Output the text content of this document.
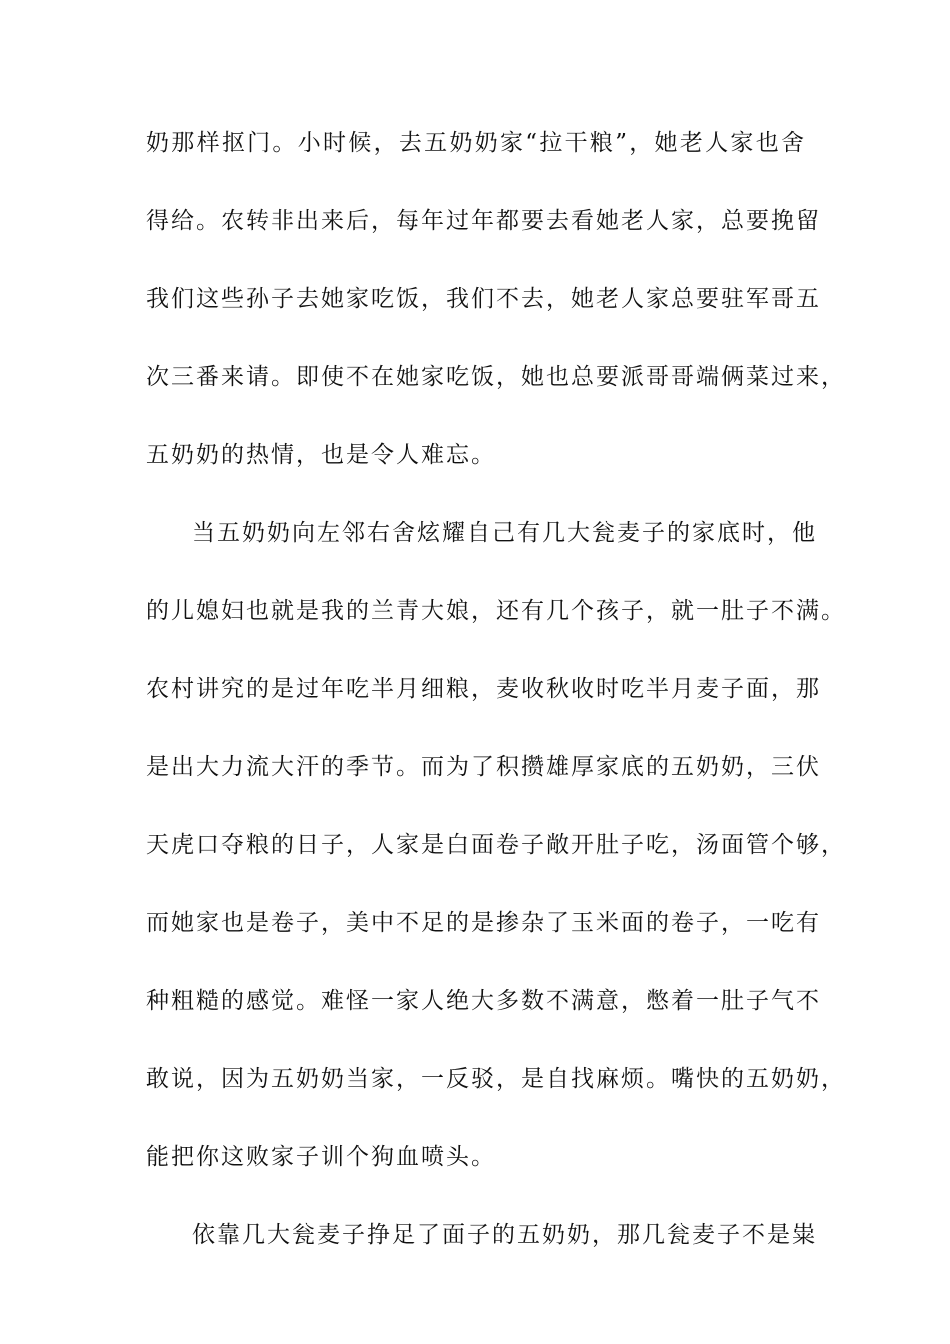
奶那样抠门。小时候，去五奶奶家“拉干粮”，她老人家也舍
得给。农转非出来后，每年过年都要去看她老人家，总要挽留
我们这些孙子去她家吃饭，我们不去，她老人家总要驻军哥五
次三番来请。即使不在她家吃饭，她也总要派哥哥端俩菜过来，
五奶奶的热情，也是令人难忘。
当五奶奶向左邻右舍炫耀自己有几大瓮麦子的家底时，他
的儿媳妇也就是我的兰青大娘，还有几个孩子，就一肚子不满。
农村讲究的是过年吃半月细粮，麦收秋收时吃半月麦子面，那
是出大力流大汗的季节。而为了积攒雄厚家底的五奶奶，三伏
天虎口夺粮的日子，人家是白面卷子敞开肚子吃，汤面管个够，
而她家也是卷子，美中不足的是掺杂了玉米面的卷子，一吃有
种粗糙的感觉。难怪一家人绝大多数不满意，憋着一肚子气不
敢说，因为五奶奶当家，一反驳，是自找麻烦。嘴快的五奶奶，
能把你这败家子训个狗血喷头。
依靠几大瓮麦子挣足了面子的五奶奶，那几瓮麦子不是粜
